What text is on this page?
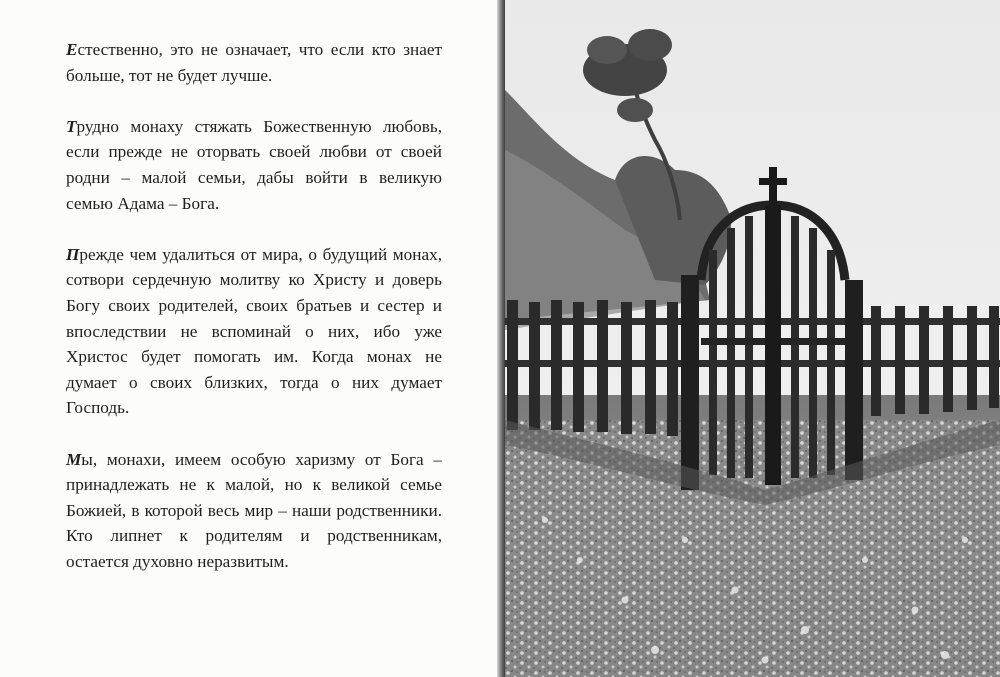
Естественно, это не означает, что если кто знает больше, тот не будет лучше.

Трудно монаху стяжать Божественную любовь, если прежде не оторвать своей любви от своей родни – малой семьи, дабы войти в великую семью Адама – Бога.

Прежде чем удалиться от мира, о будущий монах, сотвори сердечную молитву ко Христу и доверь Богу своих родителей, своих братьев и сестер и впоследствии не вспоминай о них, ибо уже Христос будет помогать им. Когда монах не думает о своих близких, тогда о них думает Господь.

Мы, монахи, имеем особую харизму от Бога – принадлежать не к малой, но к великой семье Божией, в которой весь мир – наши родственники. Кто липнет к родителям и родственникам, остается духовно неразвитым.
